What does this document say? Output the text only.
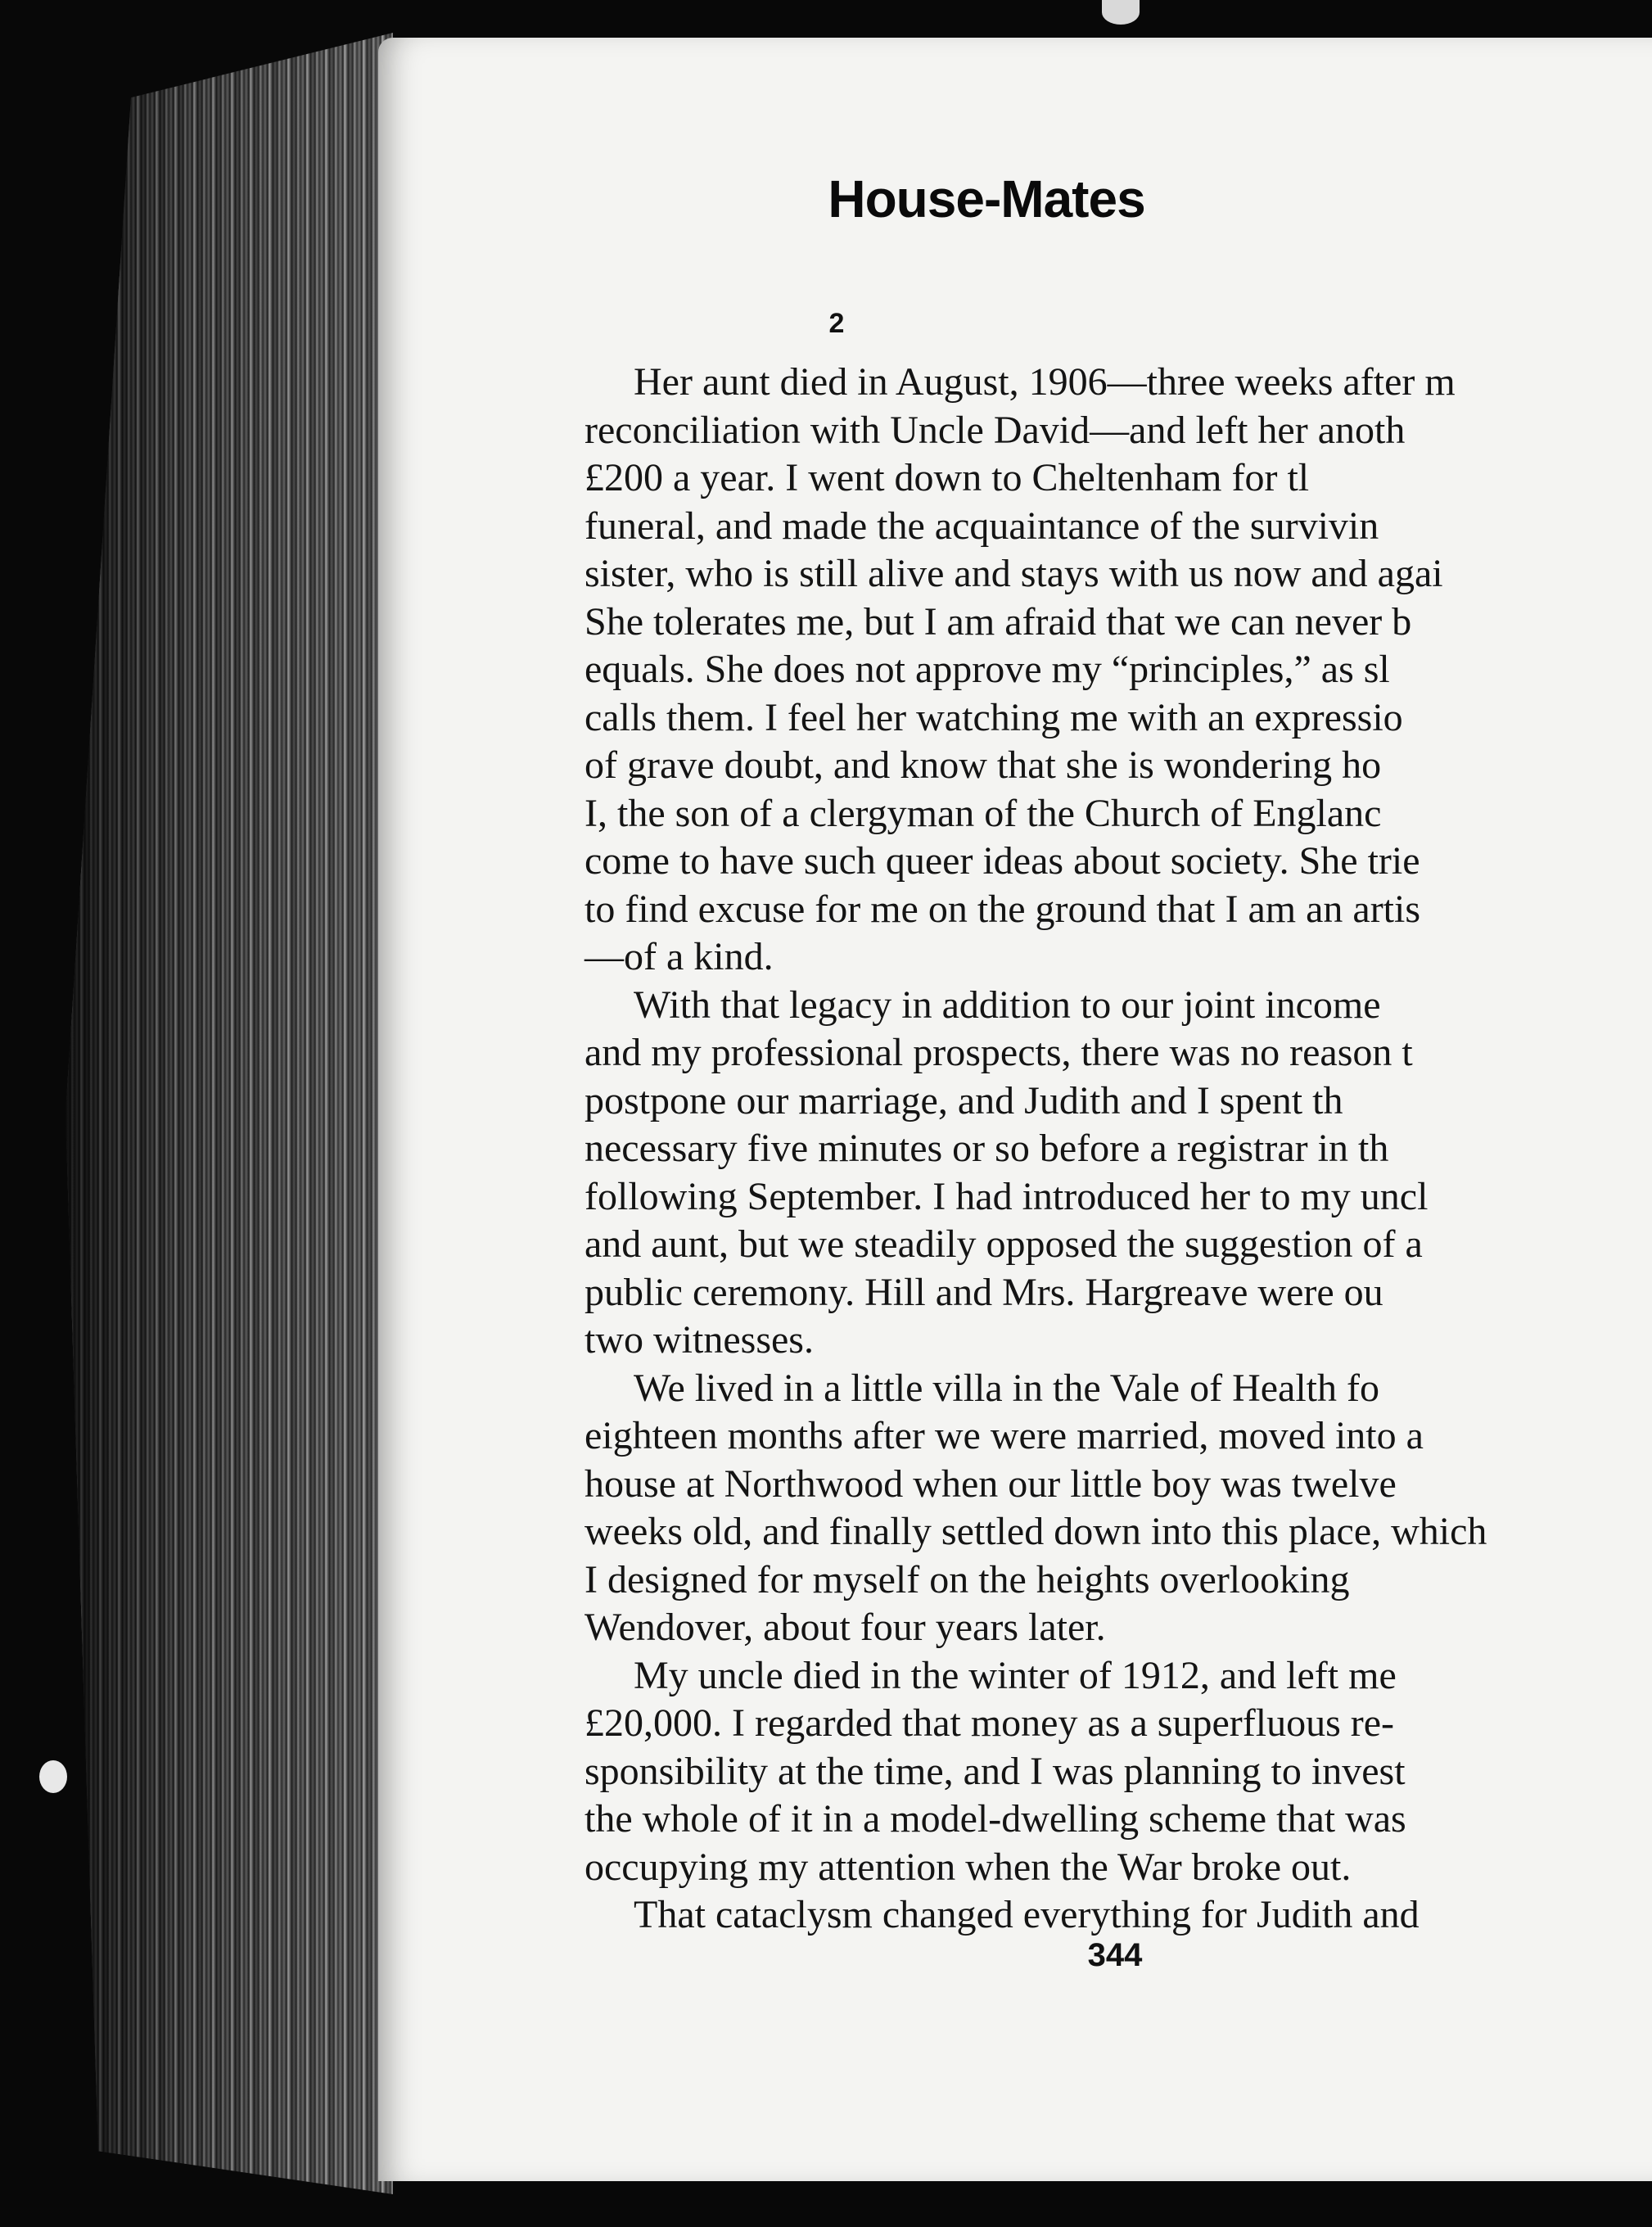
House-Mates
2
Her aunt died in August, 1906—three weeks after m
reconciliation with Uncle David—and left her anoth
£200 a year. I went down to Cheltenham for tl
funeral, and made the acquaintance of the survivin
sister, who is still alive and stays with us now and agai
She tolerates me, but I am afraid that we can never b
equals. She does not approve my “principles,” as sl
calls them. I feel her watching me with an expressio
of grave doubt, and know that she is wondering ho
I, the son of a clergyman of the Church of Englanc
come to have such queer ideas about society. She trie
to find excuse for me on the ground that I am an artis
—of a kind.
With that legacy in addition to our joint income
and my professional prospects, there was no reason t
postpone our marriage, and Judith and I spent th
necessary five minutes or so before a registrar in th
following September. I had introduced her to my uncl
and aunt, but we steadily opposed the suggestion of a
public ceremony. Hill and Mrs. Hargreave were ou
two witnesses.
We lived in a little villa in the Vale of Health fo
eighteen months after we were married, moved into a
house at Northwood when our little boy was twelve
weeks old, and finally settled down into this place, which
I designed for myself on the heights overlooking
Wendover, about four years later.
My uncle died in the winter of 1912, and left me
£20,000. I regarded that money as a superfluous re-
sponsibility at the time, and I was planning to invest
the whole of it in a model-dwelling scheme that was
occupying my attention when the War broke out.
That cataclysm changed everything for Judith and
344
